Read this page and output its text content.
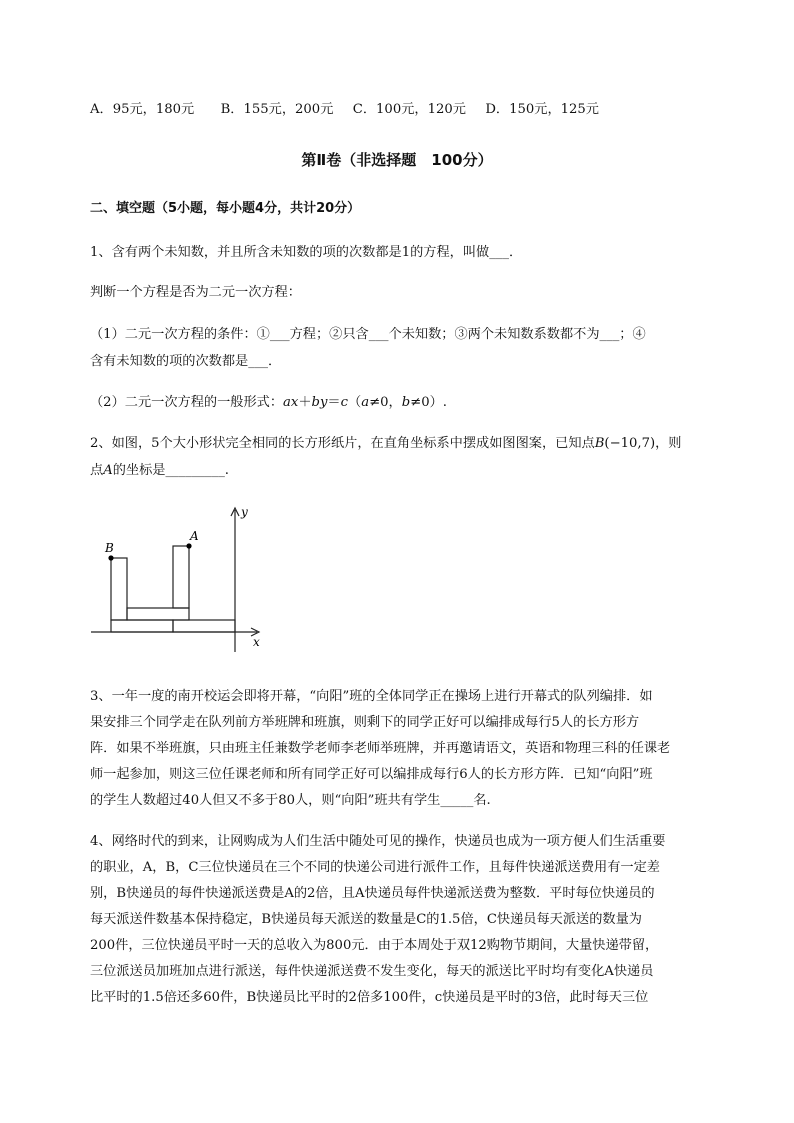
A．95元，180元　　B．155元，200元　 C．100元，120元　 D．150元，125元
第Ⅱ卷（非选择题　100分）
二、填空题（5小题，每小题4分，共计20分）
1、含有两个未知数，并且所含未知数的项的次数都是1的方程，叫做___．
判断一个方程是否为二元一次方程：
（1）二元一次方程的条件：①___方程；②只含___个未知数；③两个未知数系数都不为___；④
含有未知数的项的次数都是___．
（2）二元一次方程的一般形式：ax＋by＝c（a≠0，b≠0）.
2、如图，5个大小形状完全相同的长方形纸片，在直角坐标系中摆成如图图案，已知点B(−10,7)，则
点A的坐标是_________.
y
x
A
B
3、一年一度的南开校运会即将开幕，“向阳”班的全体同学正在操场上进行开幕式的队列编排．如
果安排三个同学走在队列前方举班牌和班旗，则剩下的同学正好可以编排成每行5人的长方形方
阵．如果不举班旗，只由班主任兼数学老师李老师举班牌，并再邀请语文，英语和物理三科的任课老
师一起参加，则这三位任课老师和所有同学正好可以编排成每行6人的长方形方阵．已知“向阳”班
的学生人数超过40人但又不多于80人，则“向阳”班共有学生_____名.
4、网络时代的到来，让网购成为人们生活中随处可见的操作，快递员也成为一项方便人们生活重要
的职业，A，B，C三位快递员在三个不同的快递公司进行派件工作，且每件快递派送费用有一定差
别，B快递员的每件快递派送费是A的2倍，且A快递员每件快递派送费为整数．平时每位快递员的
每天派送件数基本保持稳定，B快递员每天派送的数量是C的1.5倍，C快递员每天派送的数量为
200件，三位快递员平时一天的总收入为800元．由于本周处于双12购物节期间，大量快递带留，
三位派送员加班加点进行派送，每件快递派送费不发生变化，每天的派送比平时均有变化A快递员
比平时的1.5倍还多60件，B快递员比平时的2倍多100件，c快递员是平时的3倍，此时每天三位
